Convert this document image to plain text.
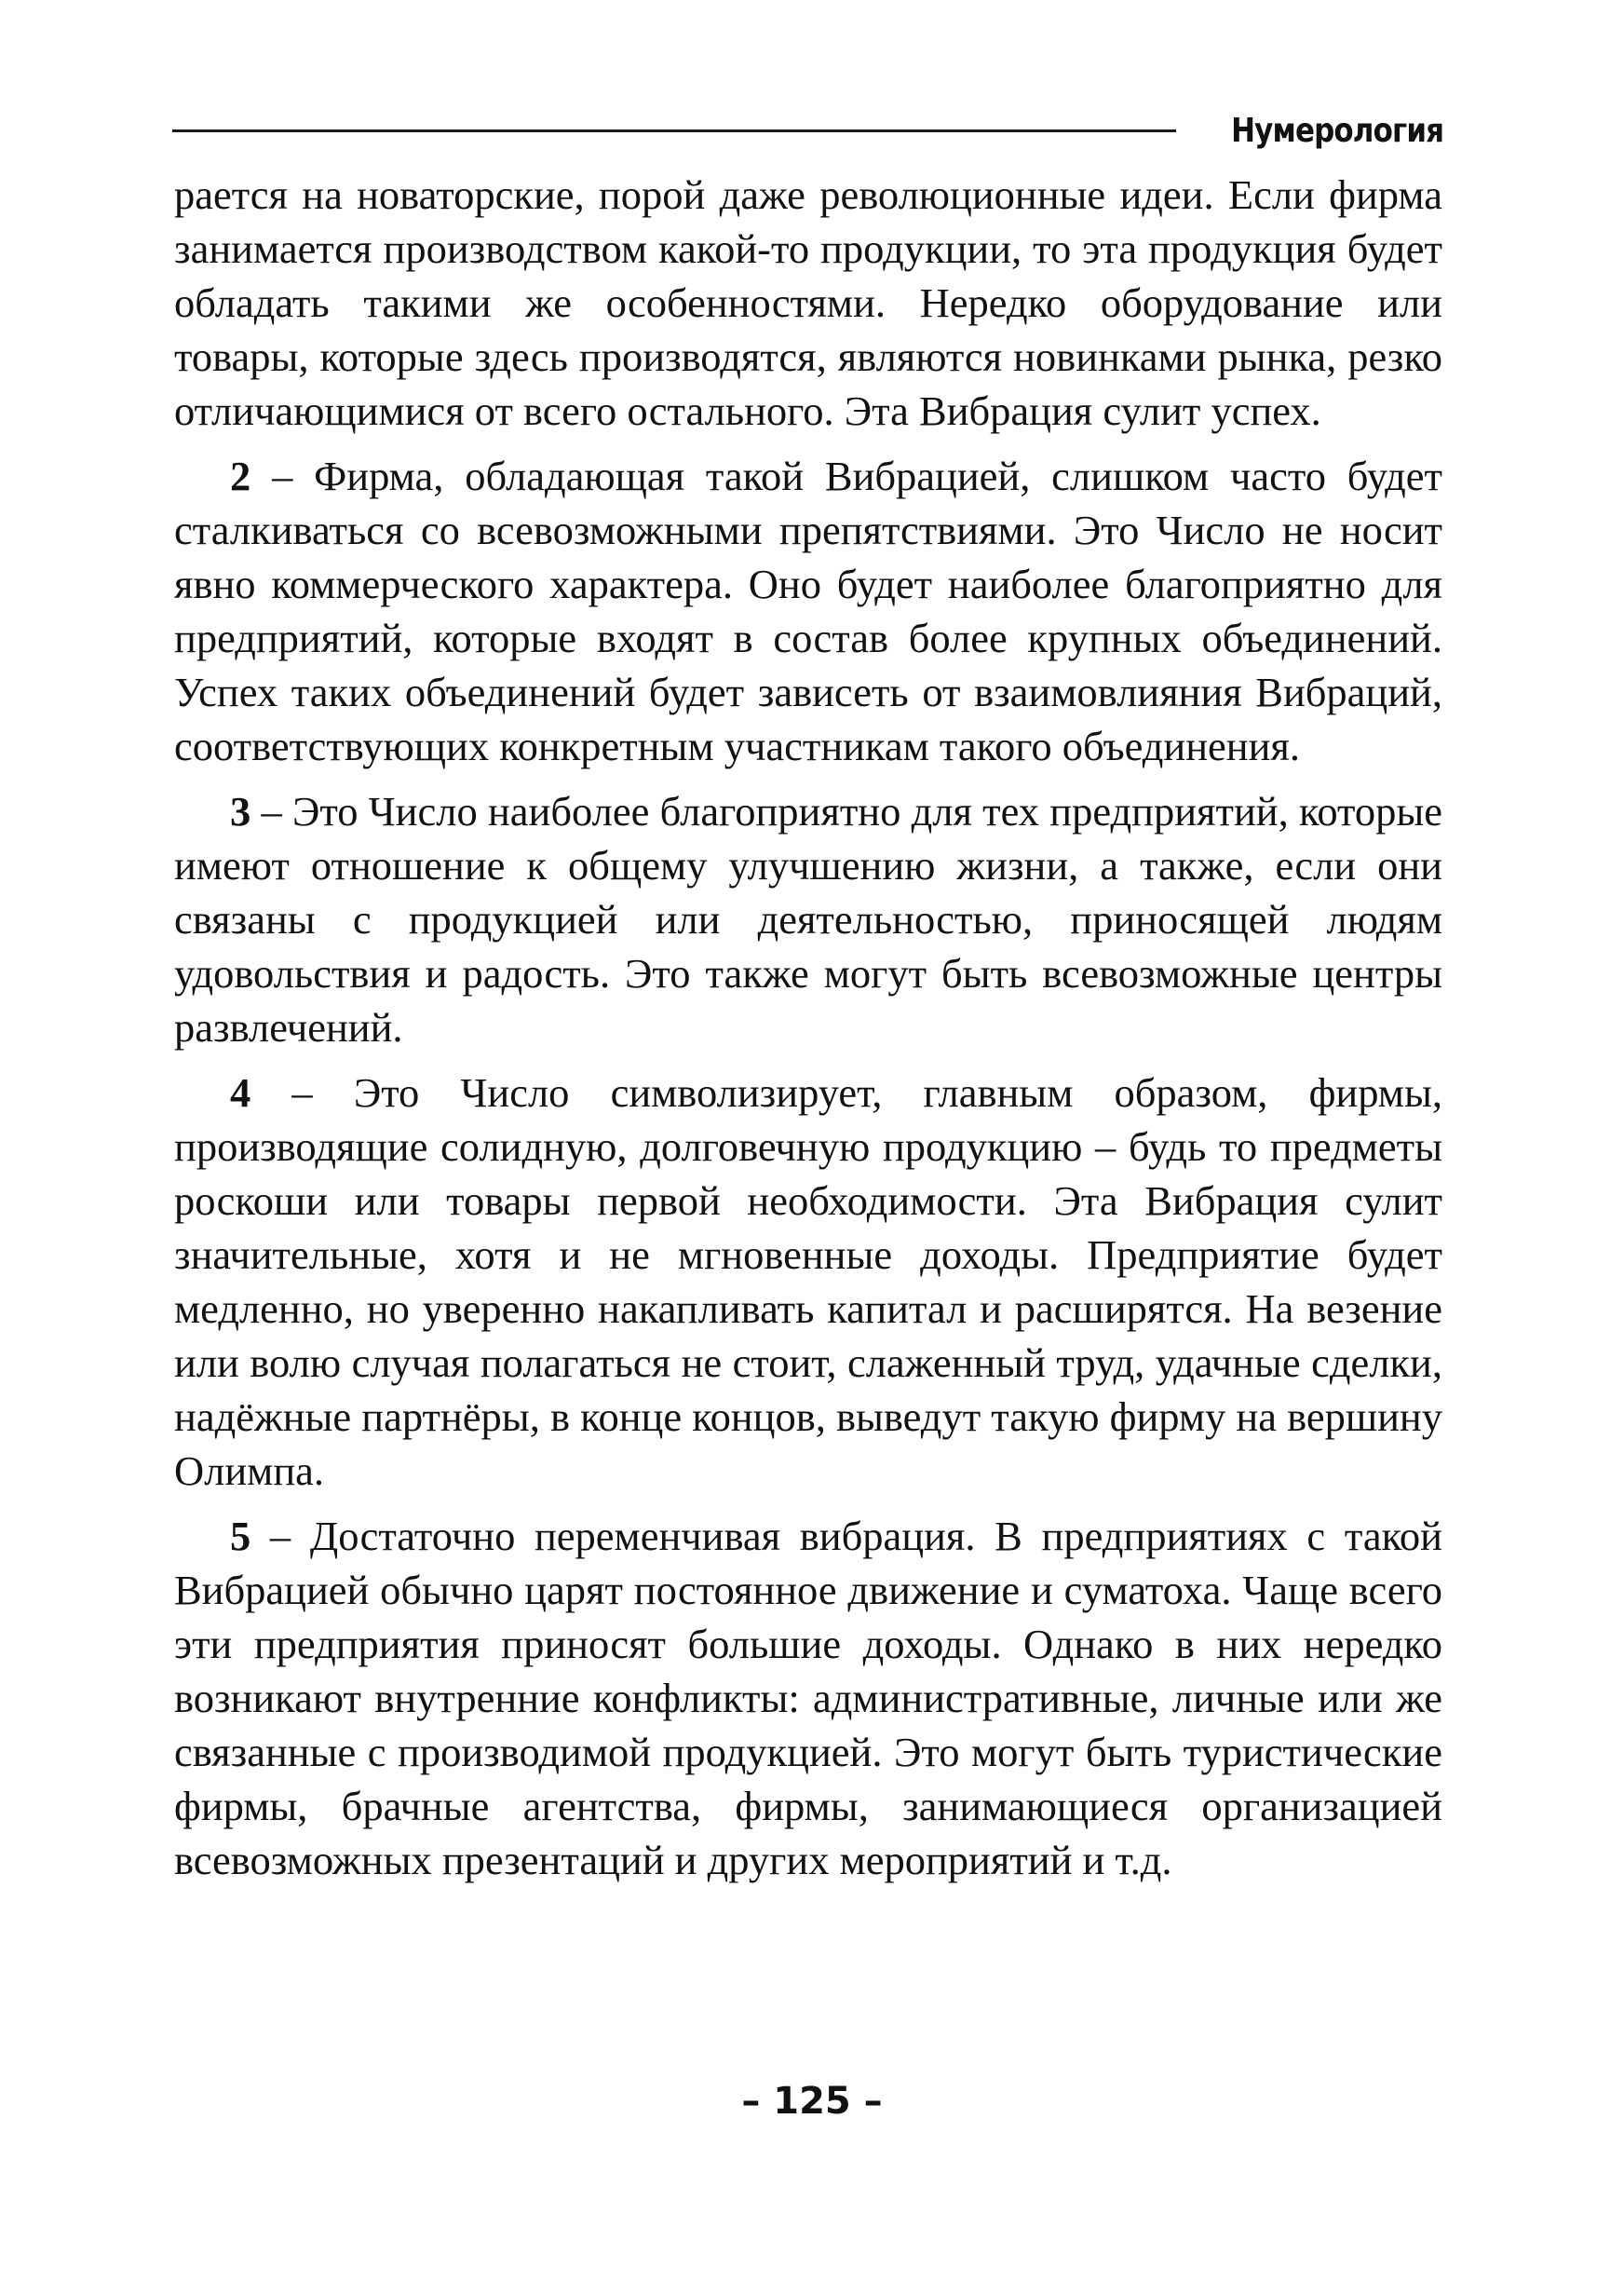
Нумерология

рается на новаторские, порой даже революционные идеи. Если фирма занимается производством какой-то продукции, то эта продукция будет обладать такими же особенностями. Нередко оборудование или товары, которые здесь производятся, являются новинками рынка, резко отличающимися от всего остального. Эта Вибрация сулит успех.

2 – Фирма, обладающая такой Вибрацией, слишком часто будет сталкиваться со всевозможными препятствиями. Это Число не носит явно коммерческого характера. Оно будет наиболее благоприятно для предприятий, которые входят в состав более крупных объединений. Успех таких объединений будет зависеть от взаимовлияния Вибраций, соответствующих конкретным участникам такого объединения.

3 – Это Число наиболее благоприятно для тех предприятий, которые имеют отношение к общему улучшению жизни, а также, если они связаны с продукцией или деятельностью, приносящей людям удовольствия и радость. Это также могут быть всевозможные центры развлечений.

4 – Это Число символизирует, главным образом, фирмы, производящие солидную, долговечную продукцию – будь то предметы роскоши или товары первой необходимости. Эта Вибрация сулит значительные, хотя и не мгновенные доходы. Предприятие будет медленно, но уверенно накапливать капитал и расширятся. На везение или волю случая полагаться не стоит, слаженный труд, удачные сделки, надёжные партнёры, в конце концов, выведут такую фирму на вершину Олимпа.

5 – Достаточно переменчивая вибрация. В предприятиях с такой Вибрацией обычно царят постоянное движение и суматоха. Чаще всего эти предприятия приносят большие доходы. Однако в них нередко возникают внутренние конфликты: административные, личные или же связанные с производимой продукцией. Это могут быть туристические фирмы, брачные агентства, фирмы, занимающиеся организацией всевозможных презентаций и других мероприятий и т.д.

– 125 –
